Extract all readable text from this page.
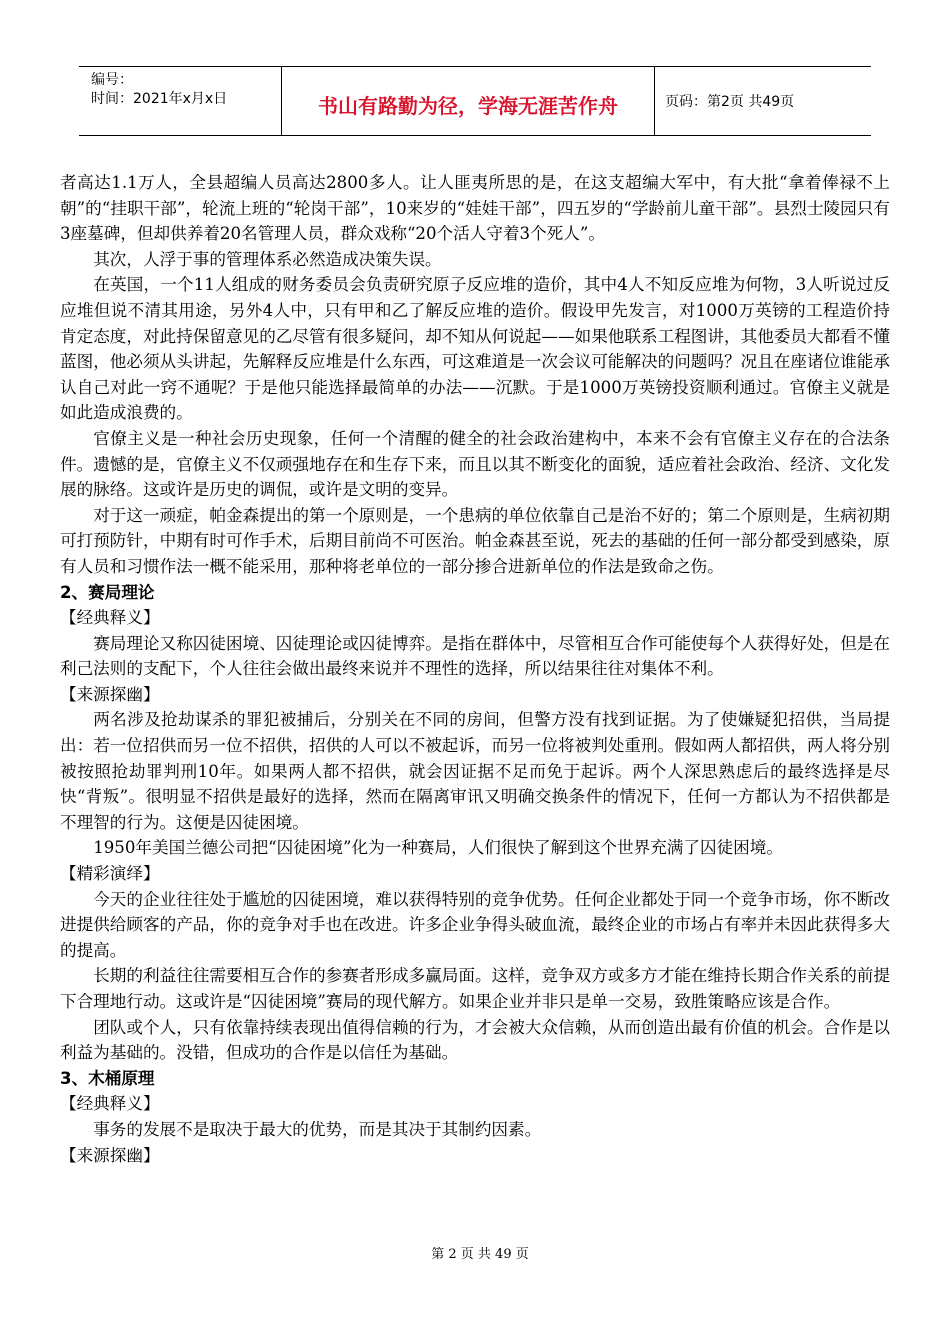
编号：
时间：2021年x月x日	书山有路勤为径，学海无涯苦作舟	页码：第2页 共49页

者高达1.1万人，全县超编人员高达2800多人。让人匪夷所思的是，在这支超编大军中，有大批“拿着俸禄不上朝”的“挂职干部”，轮流上班的“轮岗干部”，10来岁的“娃娃干部”，四五岁的“学龄前儿童干部”。县烈士陵园只有3座墓碑，但却供养着20名管理人员，群众戏称“20个活人守着3个死人”。

其次，人浮于事的管理体系必然造成决策失误。

在英国，一个11人组成的财务委员会负责研究原子反应堆的造价，其中4人不知反应堆为何物，3人听说过反应堆但说不清其用途，另外4人中，只有甲和乙了解反应堆的造价。假设甲先发言，对1000万英镑的工程造价持肯定态度，对此持保留意见的乙尽管有很多疑问，却不知从何说起——如果他联系工程图讲，其他委员大都看不懂蓝图，他必须从头讲起，先解释反应堆是什么东西，可这难道是一次会议可能解决的问题吗？况且在座诸位谁能承认自己对此一窍不通呢？于是他只能选择最简单的办法——沉默。于是1000万英镑投资顺利通过。官僚主义就是如此造成浪费的。

官僚主义是一种社会历史现象，任何一个清醒的健全的社会政治建构中，本来不会有官僚主义存在的合法条件。遗憾的是，官僚主义不仅顽强地存在和生存下来，而且以其不断变化的面貌，适应着社会政治、经济、文化发展的脉络。这或许是历史的调侃，或许是文明的变异。

对于这一顽症，帕金森提出的第一个原则是，一个患病的单位依靠自己是治不好的；第二个原则是，生病初期可打预防针，中期有时可作手术，后期目前尚不可医治。帕金森甚至说，死去的基础的任何一部分都受到感染，原有人员和习惯作法一概不能采用，那种将老单位的一部分掺合进新单位的作法是致命之伤。

2、赛局理论

【经典释义】

赛局理论又称囚徒困境、囚徒理论或囚徒博弈。是指在群体中，尽管相互合作可能使每个人获得好处，但是在利己法则的支配下，个人往往会做出最终来说并不理性的选择，所以结果往往对集体不利。

【来源探幽】

两名涉及抢劫谋杀的罪犯被捕后，分别关在不同的房间，但警方没有找到证据。为了使嫌疑犯招供，当局提出：若一位招供而另一位不招供，招供的人可以不被起诉，而另一位将被判处重刑。假如两人都招供，两人将分别被按照抢劫罪判刑10年。如果两人都不招供，就会因证据不足而免于起诉。两个人深思熟虑后的最终选择是尽快“背叛”。很明显不招供是最好的选择，然而在隔离审讯又明确交换条件的情况下，任何一方都认为不招供都是不理智的行为。这便是囚徒困境。

1950年美国兰德公司把“囚徒困境”化为一种赛局，人们很快了解到这个世界充满了囚徒困境。

【精彩演绎】

今天的企业往往处于尴尬的囚徒困境，难以获得特别的竞争优势。任何企业都处于同一个竞争市场，你不断改进提供给顾客的产品，你的竞争对手也在改进。许多企业争得头破血流，最终企业的市场占有率并未因此获得多大的提高。

长期的利益往往需要相互合作的参赛者形成多赢局面。这样，竞争双方或多方才能在维持长期合作关系的前提下合理地行动。这或许是“囚徒困境”赛局的现代解方。如果企业并非只是单一交易，致胜策略应该是合作。

团队或个人，只有依靠持续表现出值得信赖的行为，才会被大众信赖，从而创造出最有价值的机会。合作是以利益为基础的。没错，但成功的合作是以信任为基础。

3、木桶原理

【经典释义】

事务的发展不是取决于最大的优势，而是其决于其制约因素。

【来源探幽】

第 2 页 共 49 页
